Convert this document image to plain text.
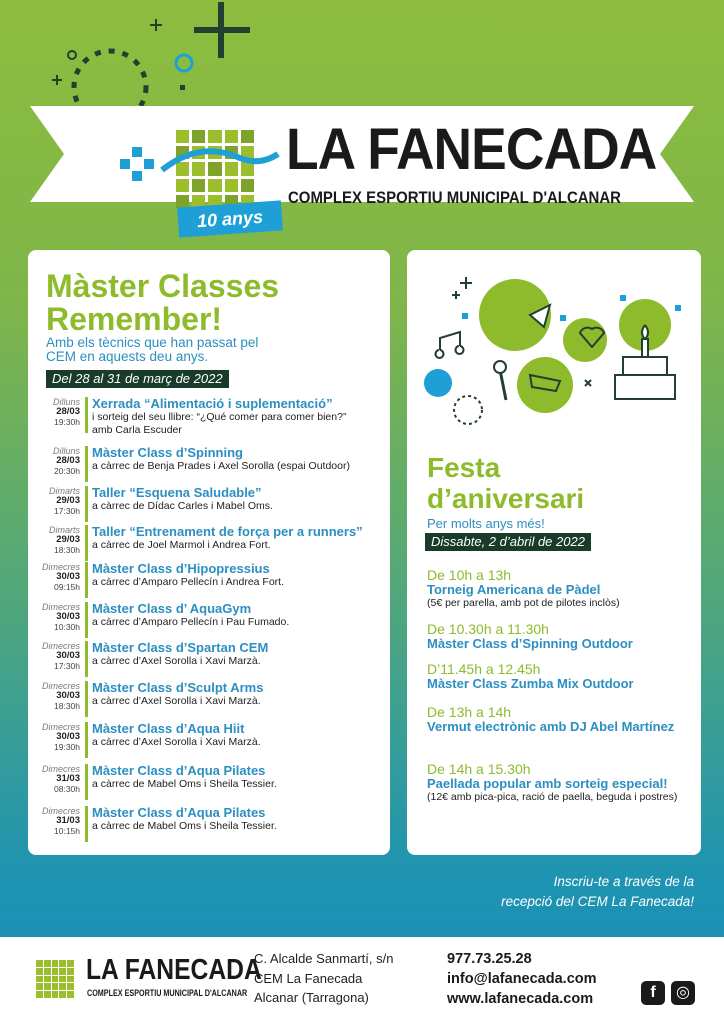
10 anys
LA FANECADA
COMPLEX ESPORTIU MUNICIPAL D'ALCANAR
Màster Classes
Remember!
Amb els tècnics que han passat pel CEM en aquests deu anys.
Del 28 al 31 de març de 2022
Dilluns
28/03
19:30h
Xerrada “Alimentació i suplementació”
i sorteig del seu llibre: “¿Qué comer para comer bien?”
amb Carla Escuder
Dilluns
28/03
20:30h
Màster Class d’Spinning
a càrrec de Benja Prades i Axel Sorolla (espai Outdoor)
Dimarts
29/03
17:30h
Taller “Esquena Saludable”
a càrrec de Dídac Carles i Mabel Oms.
Dimarts
29/03
18:30h
Taller “Entrenament de força per a runners”
a càrrec de Joel Marmol i Andrea Fort.
Dimecres
30/03
09:15h
Màster Class d’Hipopressius
a càrrec d’Amparo Pellecín i Andrea Fort.
Dimecres
30/03
10:30h
Màster Class d’ AquaGym
a càrrec d’Amparo Pellecín i Pau Fumado.
Dimecres
30/03
17:30h
Màster Class d’Spartan CEM
a càrrec d’Axel Sorolla i Xavi Marzà.
Dimecres
30/03
18:30h
Màster Class d’Sculpt Arms
a càrrec d’Axel Sorolla i Xavi Marzà.
Dimecres
30/03
19:30h
Màster Class d’Aqua Hiit
a càrrec d’Axel Sorolla i Xavi Marzà.
Dimecres
31/03
08:30h
Màster Class d’Aqua Pilates
a càrrec de Mabel Oms i Sheila Tessier.
Dimecres
31/03
10:15h
Màster Class d’Aqua Pilates
a càrrec de Mabel Oms i Sheila Tessier.
Festa
d’aniversari
Per molts anys més!
Dissabte, 2 d’abril de 2022
De 10h a 13h
Torneig Americana de Pàdel
(5€ per parella, amb pot de pilotes inclòs)
De 10.30h a 11.30h
Màster Class d’Spinning Outdoor
D’11.45h a 12.45h
Màster Class Zumba Mix Outdoor
De 13h a 14h
Vermut electrònic amb DJ Abel Martínez
De 14h a 15.30h
Paellada popular amb sorteig especial!
(12€ amb pica-pica, ració de paella, beguda i postres)
Inscriu-te a través de la
recepció del CEM La Fanecada!
LA FANECADA
COMPLEX ESPORTIU MUNICIPAL D'ALCANAR
C. Alcalde Sanmartí, s/n
CEM La Fanecada
Alcanar (Tarragona)
977.73.25.28
info@lafanecada.com
www.lafanecada.com	f	◎
